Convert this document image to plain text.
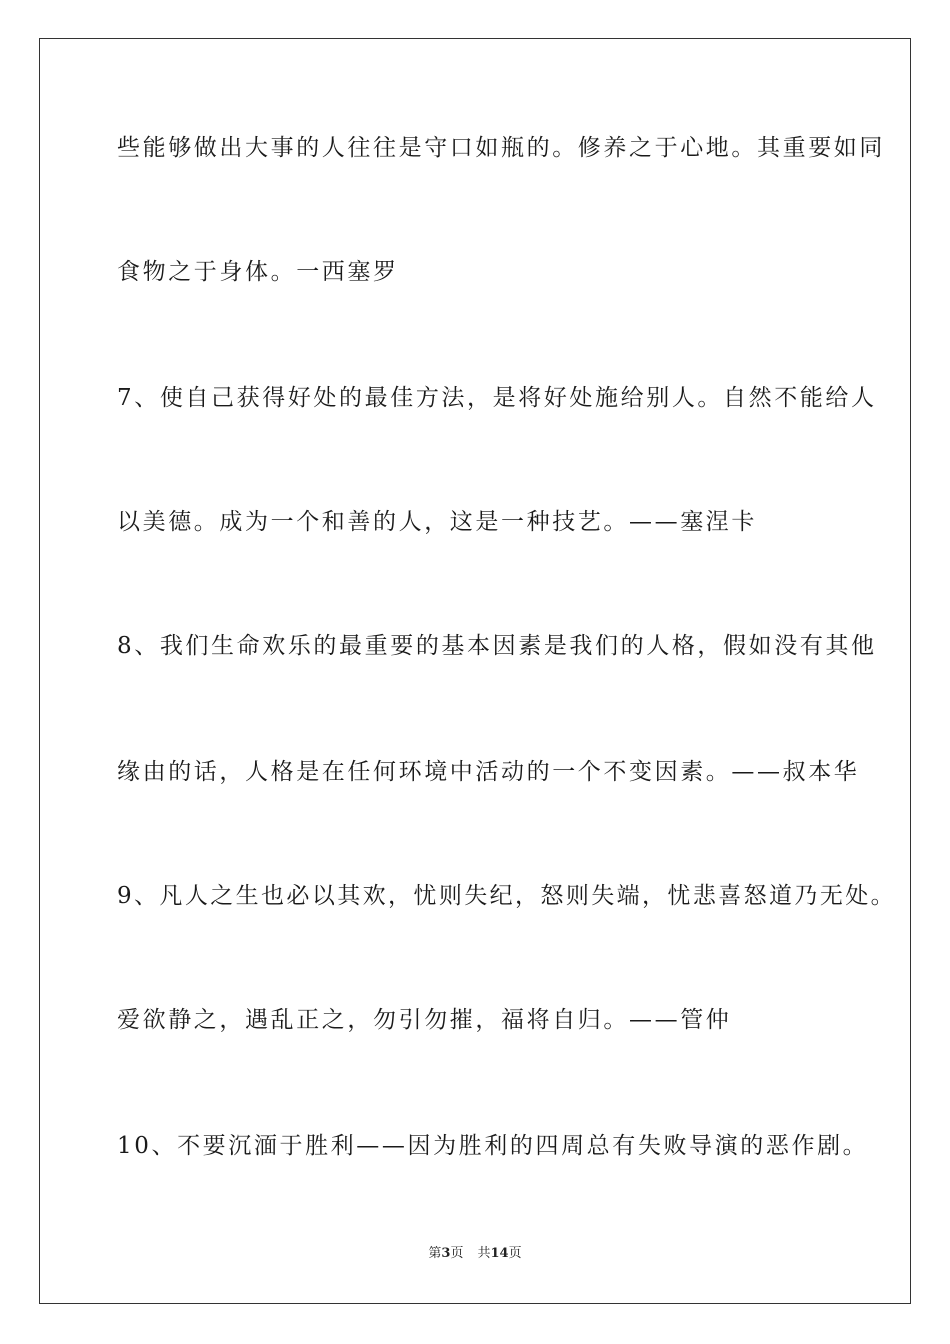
些能够做出大事的人往往是守口如瓶的。修养之于心地。其重要如同

食物之于身体。一西塞罗

7、使自己获得好处的最佳方法，是将好处施给别人。自然不能给人

以美德。成为一个和善的人，这是一种技艺。——塞涅卡

8、我们生命欢乐的最重要的基本因素是我们的人格，假如没有其他

缘由的话，人格是在任何环境中活动的一个不变因素。——叔本华

9、凡人之生也必以其欢，忧则失纪，怒则失端，忧悲喜怒道乃无处。

爱欲静之，遇乱正之，勿引勿摧，福将自归。——管仲

10、不要沉湎于胜利——因为胜利的四周总有失败导演的恶作剧。

第3页 共14页
